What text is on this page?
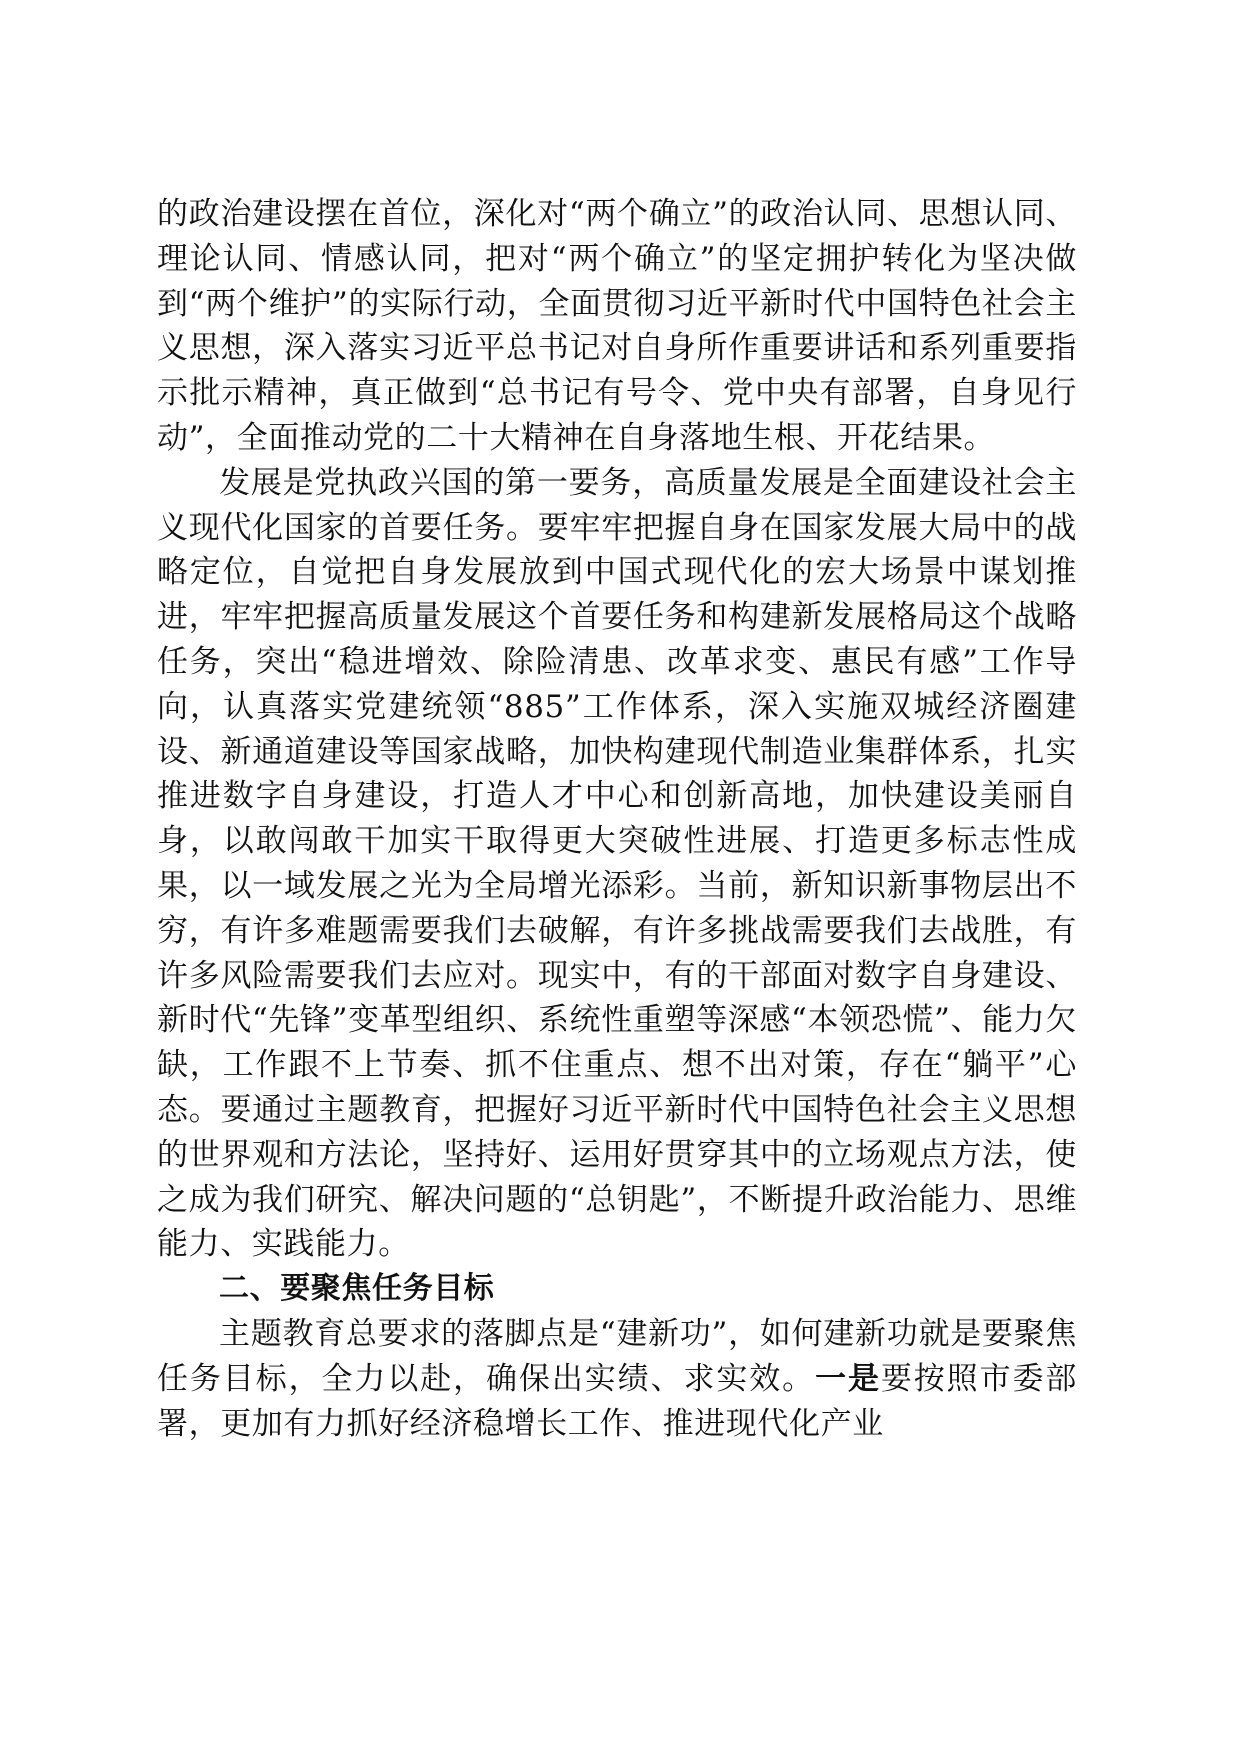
的政治建设摆在首位，深化对“两个确立”的政治认同、思想认同、理论认同、情感认同，把对“两个确立”的坚定拥护转化为坚决做到“两个维护”的实际行动，全面贯彻习近平新时代中国特色社会主义思想，深入落实习近平总书记对自身所作重要讲话和系列重要指示批示精神，真正做到“总书记有号令、党中央有部署，自身见行动”，全面推动党的二十大精神在自身落地生根、开花结果。

发展是党执政兴国的第一要务，高质量发展是全面建设社会主义现代化国家的首要任务。要牢牢把握自身在国家发展大局中的战略定位，自觉把自身发展放到中国式现代化的宏大场景中谋划推进，牢牢把握高质量发展这个首要任务和构建新发展格局这个战略任务，突出“稳进增效、除险清患、改革求变、惠民有感”工作导向，认真落实党建统领“885”工作体系，深入实施双城经济圈建设、新通道建设等国家战略，加快构建现代制造业集群体系，扎实推进数字自身建设，打造人才中心和创新高地，加快建设美丽自身，以敢闯敢干加实干取得更大突破性进展、打造更多标志性成果，以一域发展之光为全局增光添彩。当前，新知识新事物层出不穷，有许多难题需要我们去破解，有许多挑战需要我们去战胜，有许多风险需要我们去应对。现实中，有的干部面对数字自身建设、新时代“先锋”变革型组织、系统性重塑等深感“本领恐慌”、能力欠缺，工作跟不上节奏、抓不住重点、想不出对策，存在“躺平”心态。要通过主题教育，把握好习近平新时代中国特色社会主义思想的世界观和方法论，坚持好、运用好贯穿其中的立场观点方法，使之成为我们研究、解决问题的“总钥匙”，不断提升政治能力、思维能力、实践能力。

二、要聚焦任务目标

主题教育总要求的落脚点是“建新功”，如何建新功就是要聚焦任务目标，全力以赴，确保出实绩、求实效。一是要按照市委部署，更加有力抓好经济稳增长工作、推进现代化产业
